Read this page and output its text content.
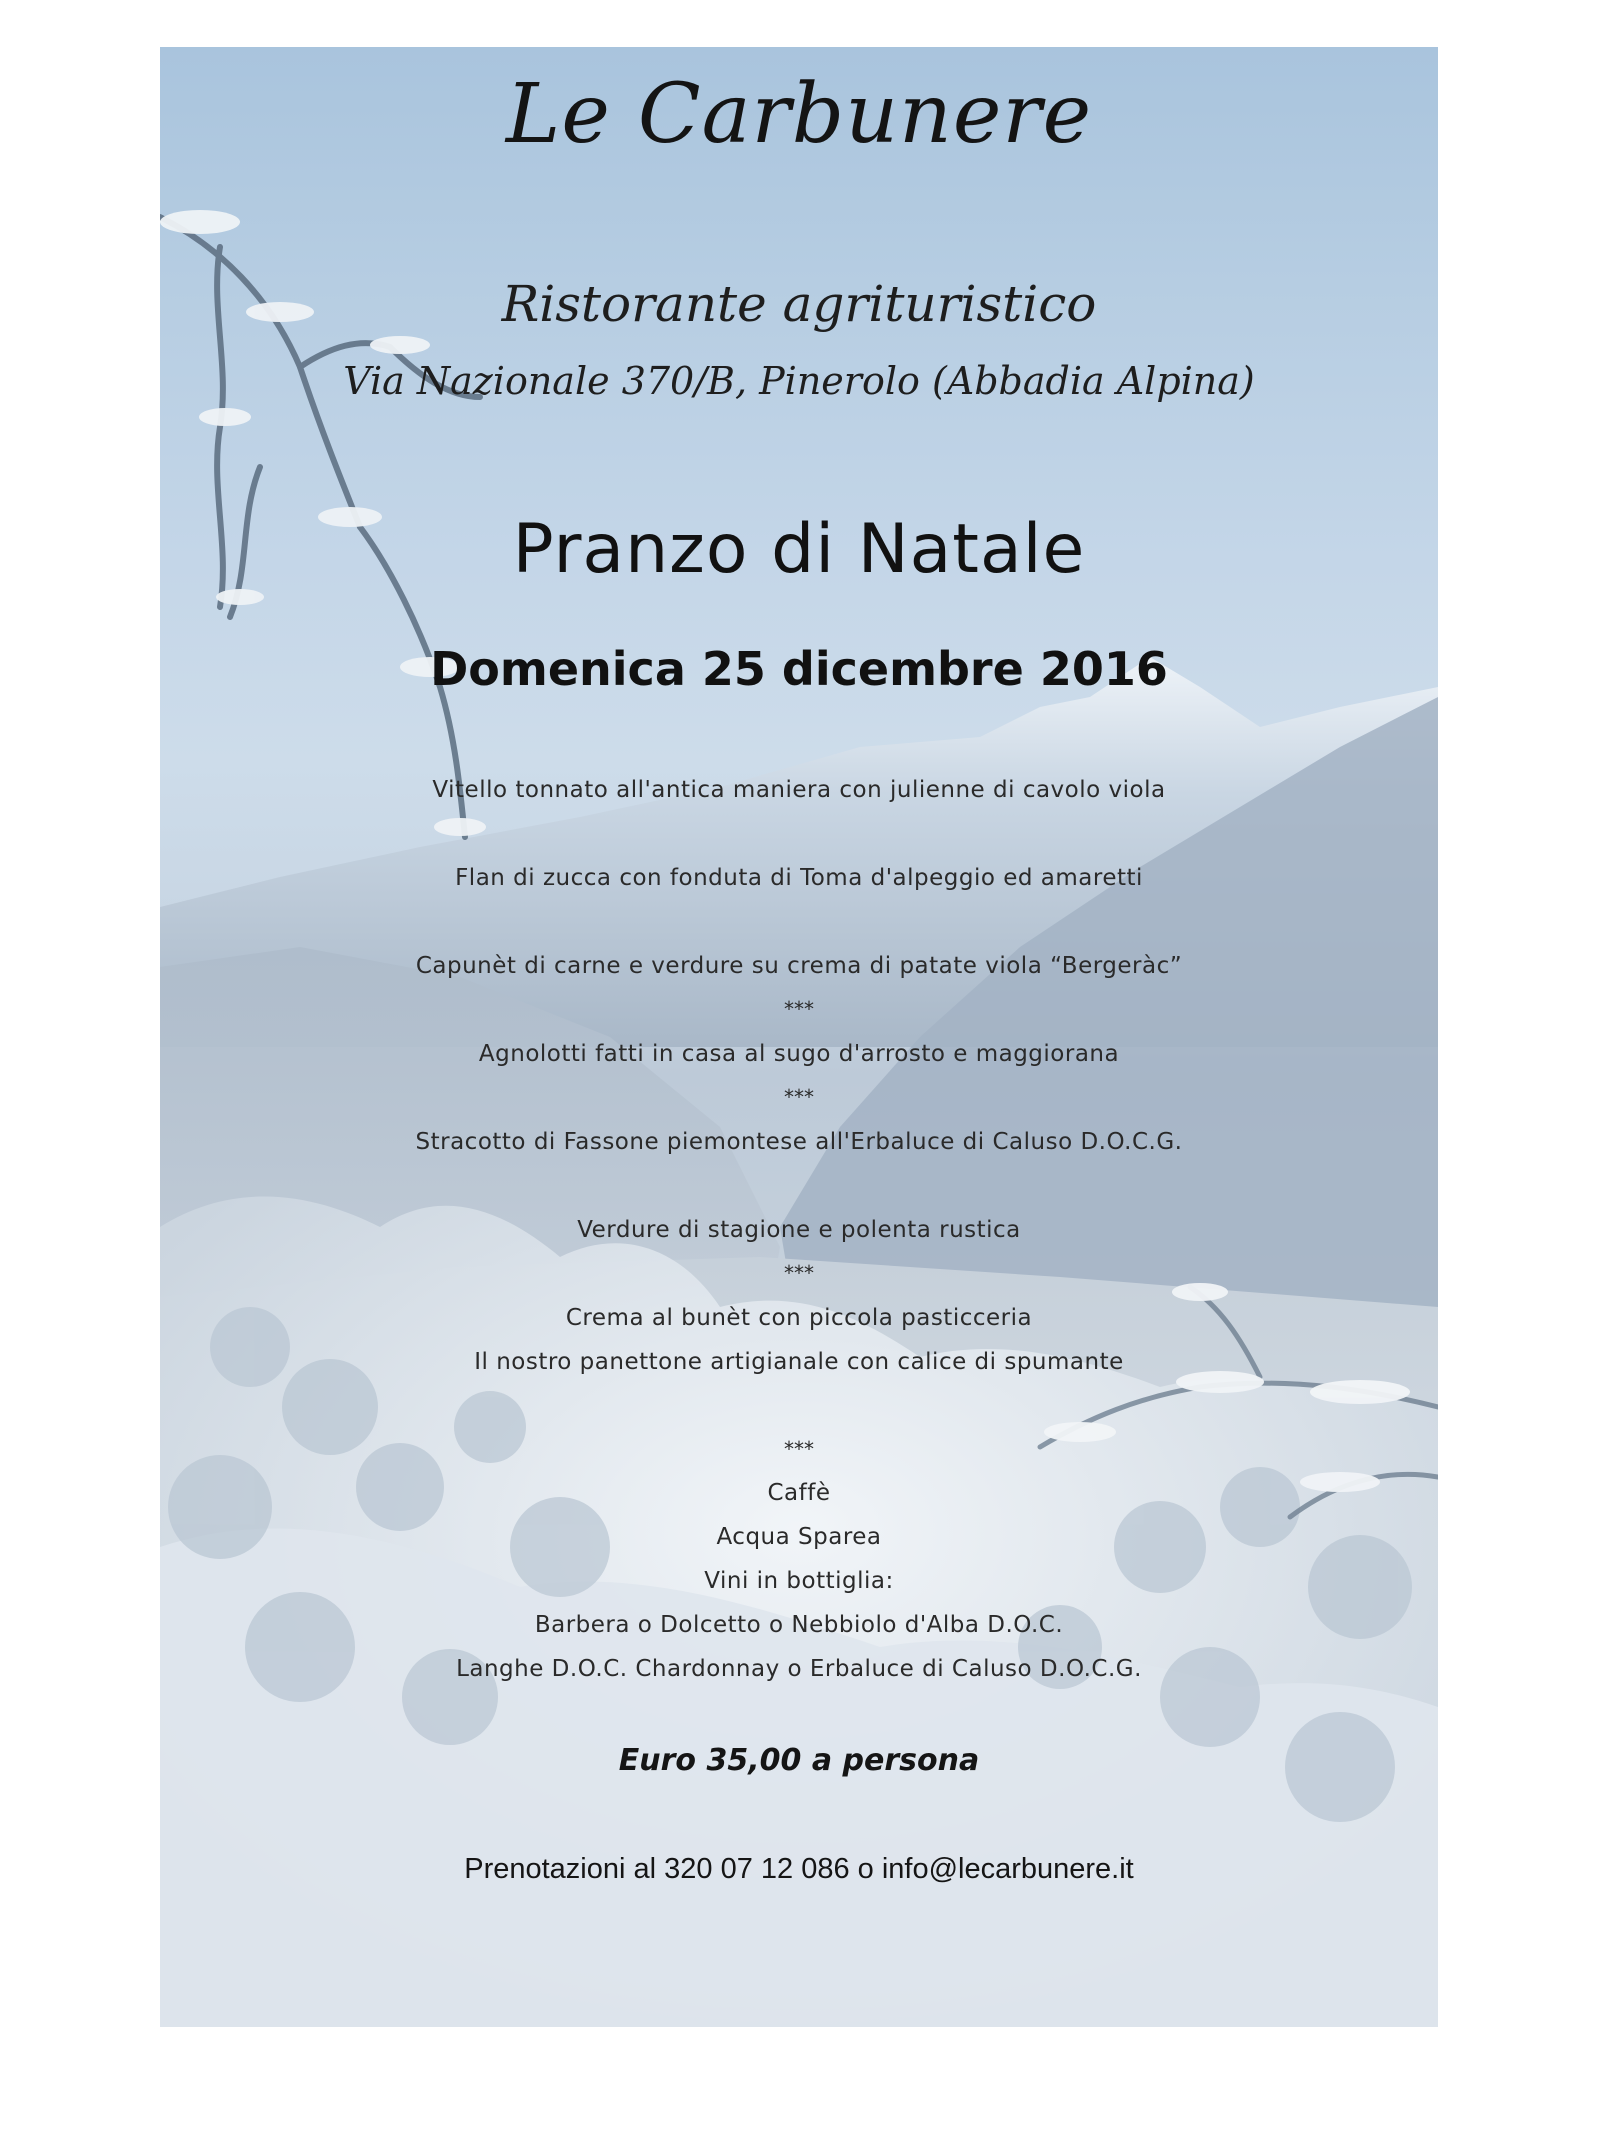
Le Carbunere
Ristorante agrituristico
Via Nazionale 370/B, Pinerolo (Abbadia Alpina)
Pranzo di Natale
Domenica 25 dicembre 2016
Vitello tonnato all'antica maniera con julienne di cavolo viola
Flan di zucca con fonduta di Toma d'alpeggio ed amaretti
Capunèt di carne e verdure su crema di patate viola “Bergeràc”
***
Agnolotti fatti in casa al sugo d'arrosto e maggiorana
***
Stracotto di Fassone piemontese all'Erbaluce di Caluso D.O.C.G.
Verdure di stagione e polenta rustica
***
Crema al bunèt con piccola pasticceria
Il nostro panettone artigianale con calice di spumante
***
Caffè
Acqua Sparea
Vini in bottiglia:
Barbera o Dolcetto o Nebbiolo d'Alba D.O.C.
Langhe D.O.C. Chardonnay o Erbaluce di Caluso D.O.C.G.
Euro 35,00 a persona
Prenotazioni al 320 07 12 086 o info@lecarbunere.it
